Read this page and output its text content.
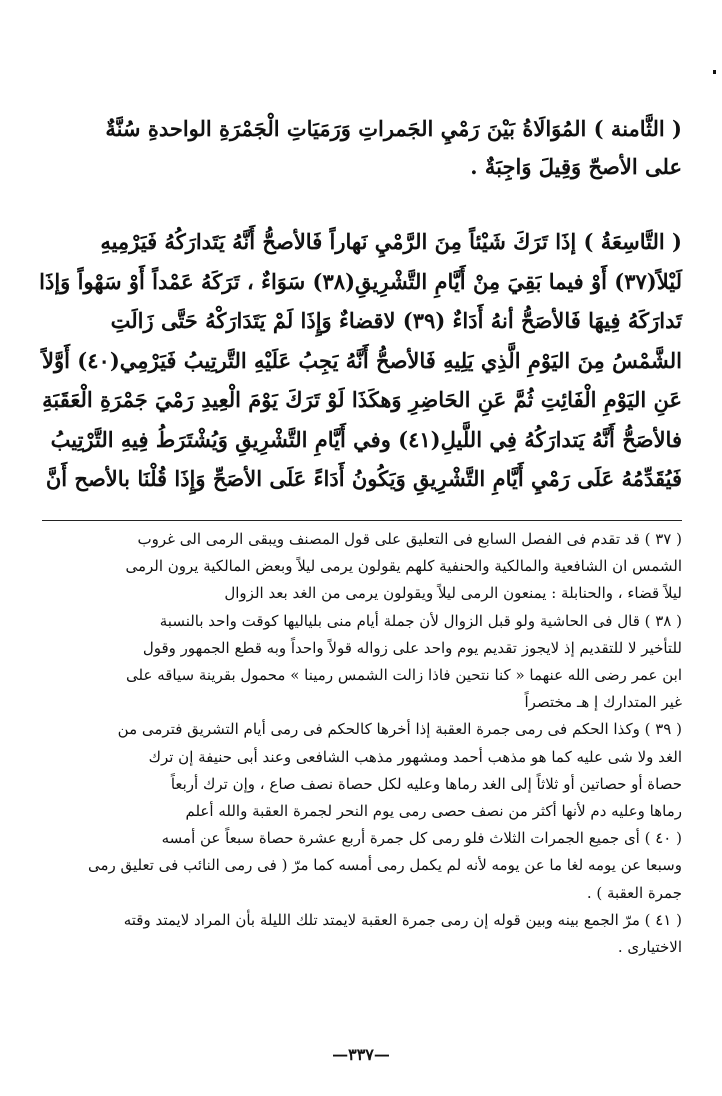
( الثَّامنة ) المُوَالَاةُ بَيْنَ رَمْيِ الجَمراتِ وَرَمَيَاتِ الْجَمْرَةِ الواحدةِ سُنَّةٌ
على الأصحّ وَقِيلَ وَاجِبَةٌ .
( التَّاسِعَةُ ) إذَا تَرَكَ شَيْئاً مِنَ الرَّمْيِ نَهاراً فَالأصحُّ أَنَّهُ يَتَدارَكُهُ فَيَرْمِيهِ
لَيْلاً(٣٧) أَوْ فيما بَقِيَ مِنْ أَيَّامِ التَّشْرِيقِ(٣٨) سَوَاءٌ ، تَرَكَهُ عَمْداً أَوْ سَهْواً وَإذَا
تَدارَكَهُ فِيهَا فَالأصَحُّ أنهُ أَدَاءٌ (٣٩) لاقضاءٌ وَإِذَا لَمْ يَتَدَارَكْهُ حَتَّى زَالَتِ
الشَّمْسُ مِنَ اليَوْمِ الَّذِي يَلِيهِ فَالأصحُّ أَنَّهُ يَجِبُ عَلَيْهِ التَّرتِيبُ فَيَرْمِي(٤٠) أَوَّلاً
عَنِ اليَوْمِ الْفَائِتِ ثُمَّ عَنِ الحَاضِرِ وَهكَذَا لَوْ تَرَكَ يَوْمَ الْعِيدِ رَمْيَ جَمْرَةِ الْعَقَبَةِ
فالأصَحُّ أَنَّهُ يَتدارَكُهُ فِي اللَّيلِ(٤١) وفي أَيَّامِ التَّشْرِيقِ وَيُشْتَرَطُ فِيهِ التَّرْتِيبُ
فَيُقَدِّمُهُ عَلَى رَمْيِ أَيَّامِ التَّشْرِيقِ وَيَكُونُ أَدَاءً عَلَى الأصَحِّ وَإِذَا قُلْنَا بالأصح أَنَّ
( ٣٧ ) قد تقدم فى الفصل السابع فى التعليق على قول المصنف ويبقى الرمى الى غروب
الشمس ان الشافعية والمالكية والحنفية كلهم يقولون يرمى ليلاً وبعض المالكية يرون الرمى
ليلاً قضاء ، والحنابلة : يمنعون الرمى ليلاً ويقولون يرمى من الغد بعد الزوال
( ٣٨ ) قال فى الحاشية ولو قبل الزوال لأن جملة أيام منى بلياليها كوقت واحد بالنسبة
للتأخير لا للتقديم إذ لايجوز تقديم يوم واحد على زواله قولاً واحداً وبه قطع الجمهور وقول
ابن عمر رضى الله عنهما « كنا نتحين فاذا زالت الشمس رمينا » محمول بقرينة سياقه على
غير المتدارك إ هـ مختصراً
( ٣٩ ) وكذا الحكم فى رمى جمرة العقبة إذا أخرها كالحكم فى رمى أيام التشريق فترمى من
الغد ولا شى عليه كما هو مذهب أحمد ومشهور مذهب الشافعى وعند أبى حنيفة إن ترك
حصاة أو حصاتين أو ثلاثاً إلى الغد رماها وعليه لكل حصاة نصف صاع ، وإن ترك أربعاً
رماها وعليه دم لأنها أكثر من نصف حصى رمى يوم النحر لجمرة العقبة والله أعلم
( ٤٠ ) أى جميع الجمرات الثلاث فلو رمى كل جمرة أربع عشرة حصاة سبعاً عن أمسه
وسبعا عن يومه لغا ما عن يومه لأنه لم يكمل رمى أمسه كما مرّ ( فى رمى النائب فى تعليق رمى
جمرة العقبة ) .
( ٤١ ) مرّ الجمع بينه وبين قوله إن رمى جمرة العقبة لايمتد تلك الليلة بأن المراد لايمتد وقته
الاختيارى .
—٣٣٧—
